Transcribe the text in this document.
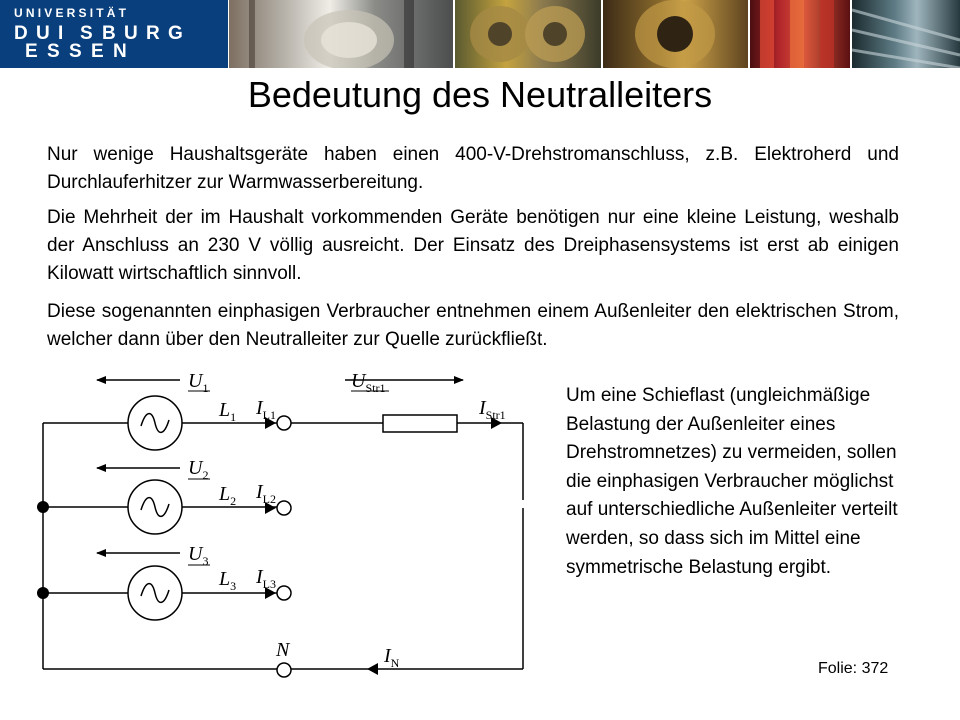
UNIVERSITÄT
D U I S B U R G
E S S E N
Bedeutung des Neutralleiters
Nur wenige Haushaltsgeräte haben einen 400-V-Drehstromanschluss, z.B. Elektroherd und Durchlauferhitzer zur Warmwasserbereitung.
Die Mehrheit der im Haushalt vorkommenden Geräte benötigen nur eine kleine Leistung, weshalb der Anschluss an 230 V völlig ausreicht. Der Einsatz des Dreiphasensystems ist erst ab einigen Kilowatt wirtschaftlich sinnvoll.
Diese sogenannten einphasigen Verbraucher entnehmen einem Außenleiter den elektrischen Strom, welcher dann über den Neutralleiter zur Quelle zurückfließt.
$U_1$
$U_2$
$U_3$
$U_{Str1}$
$L_1$
$L_2$
$L_3$
$I_{L1}$
$I_{L2}$
$I_{L3}$
$I_{Str1}$
N	$I_N$
Um eine Schieflast (ungleichmäßige Belastung der Außenleiter eines Drehstromnetzes) zu vermeiden, sollen die einphasigen Verbraucher möglichst auf unterschiedliche Außenleiter verteilt werden, so dass sich im Mittel eine symmetrische Belastung ergibt.
Folie: 372
